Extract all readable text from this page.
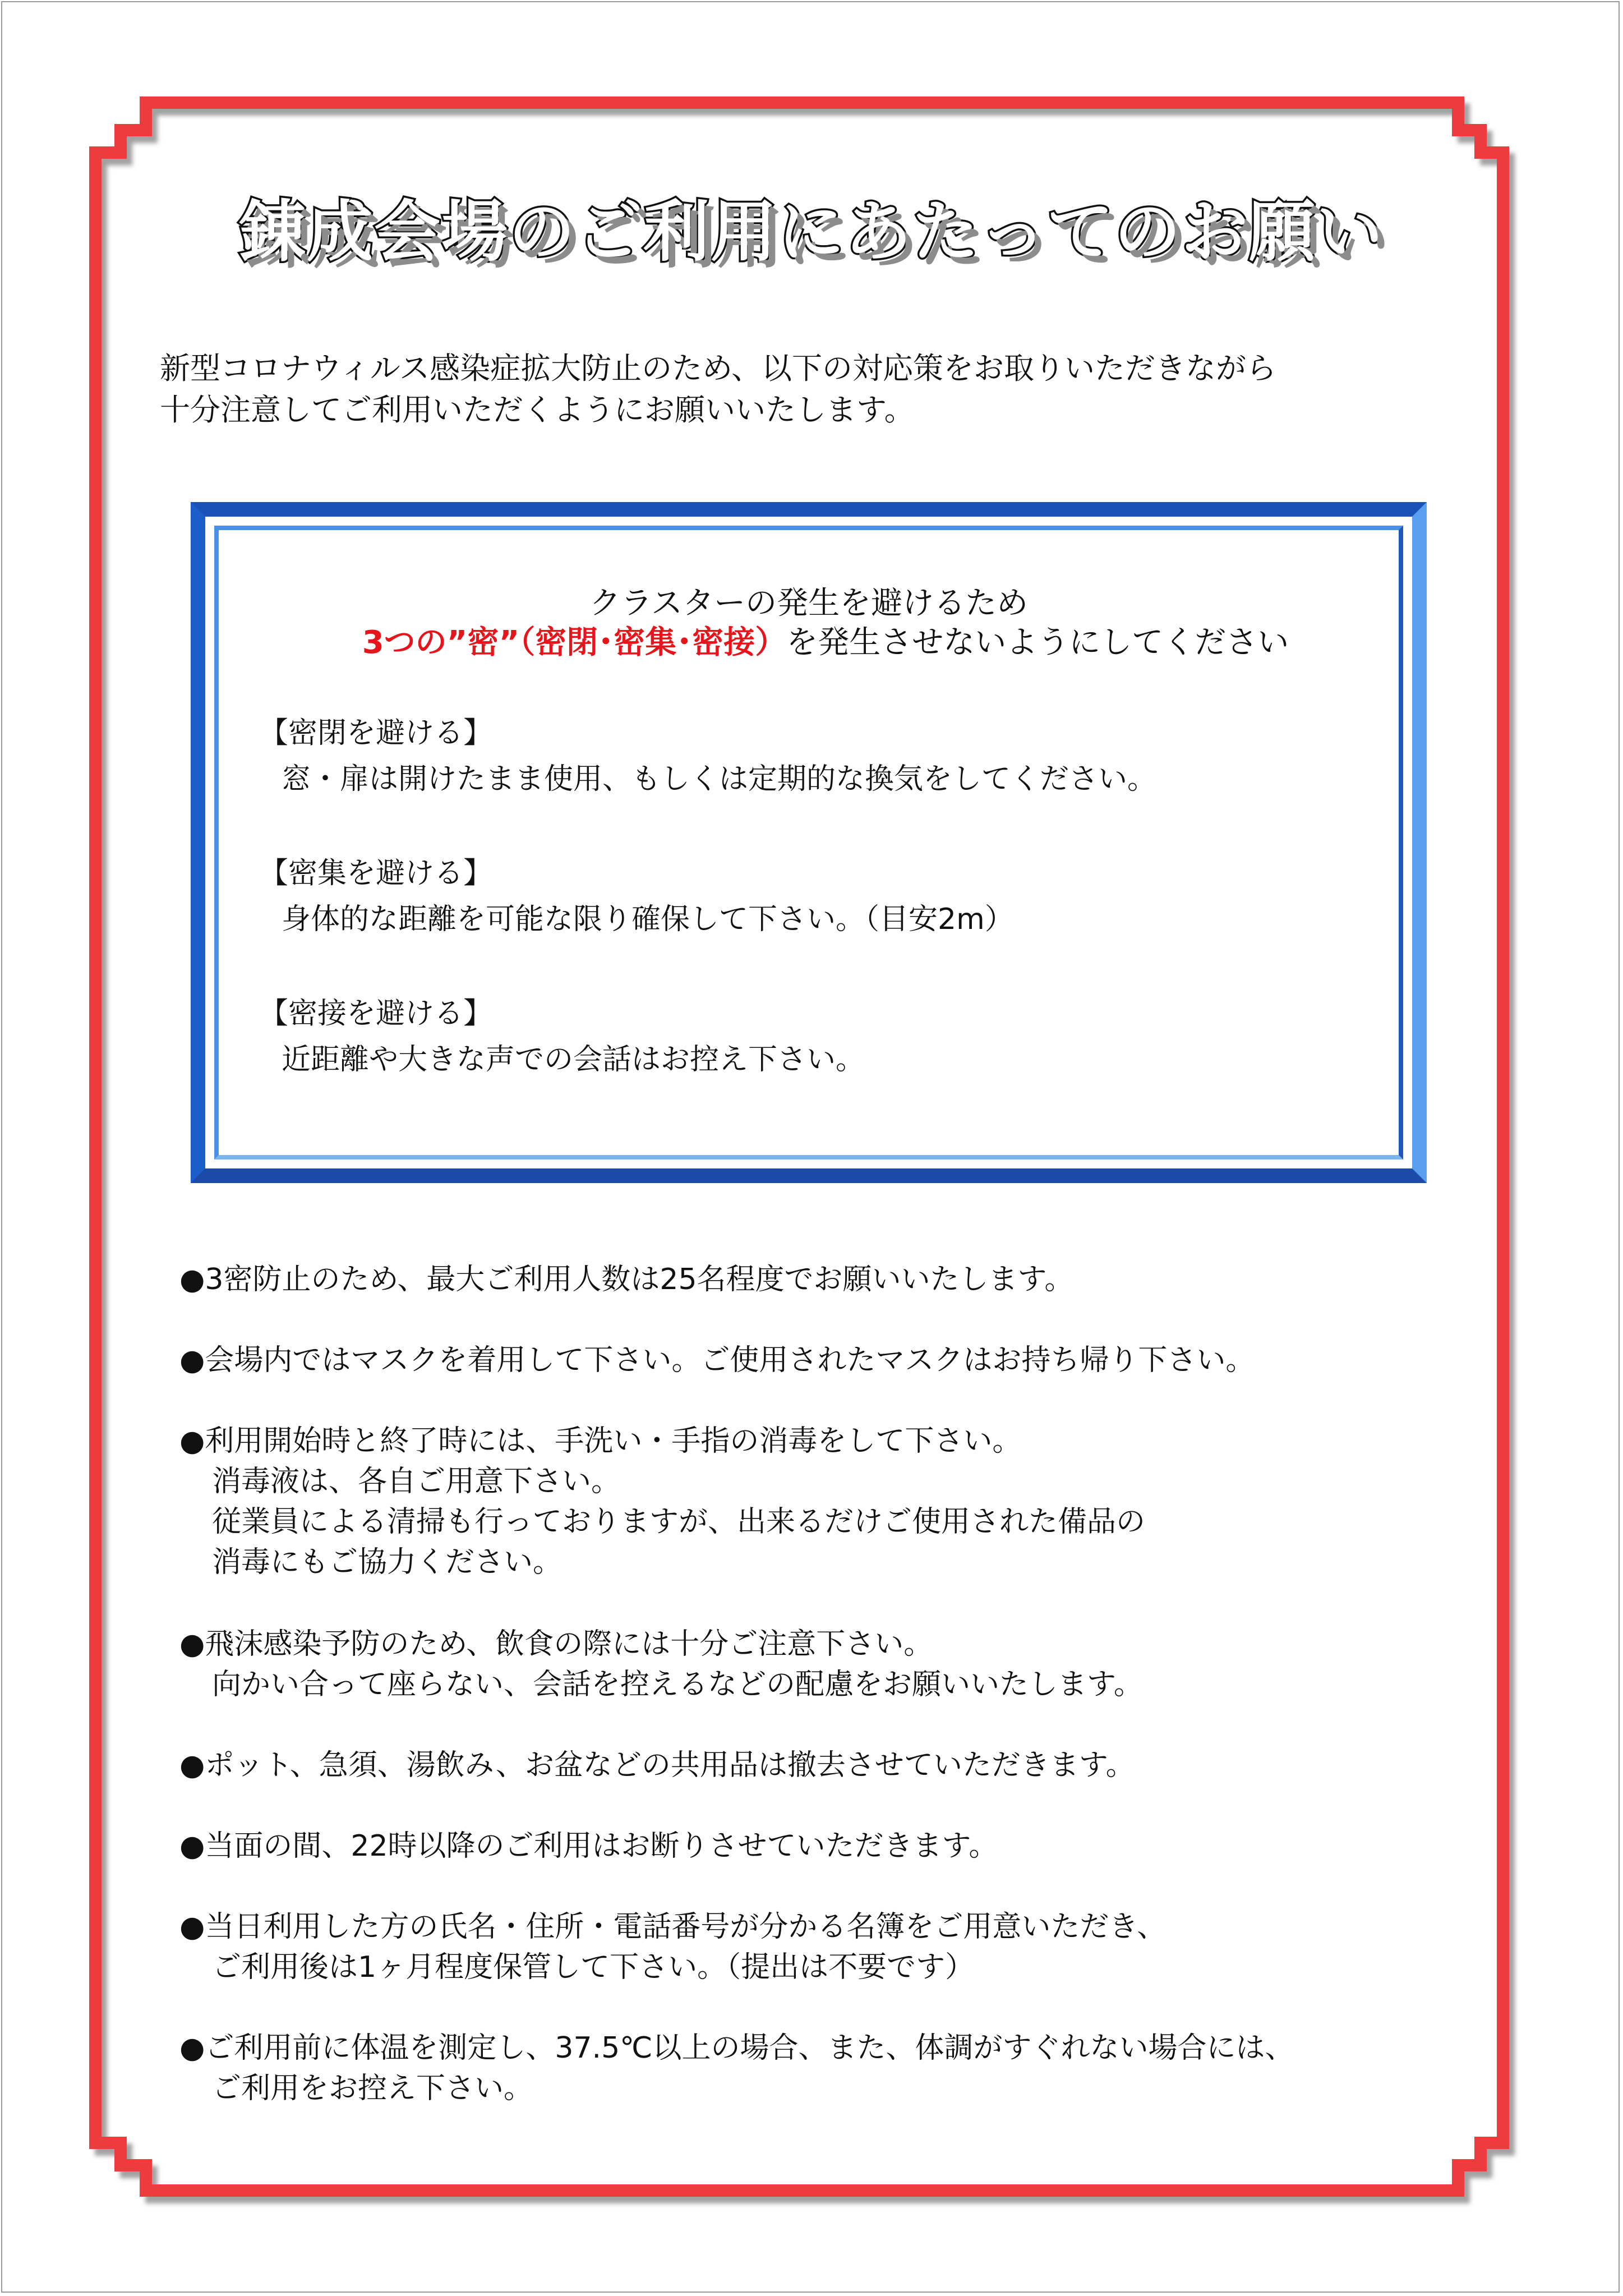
錬成会場のご利用にあたってのお願い
新型コロナウィルス感染症拡大防止のため、以下の対応策をお取りいただきながら
十分注意してご利用いただくようにお願いいたします。
クラスターの発生を避けるため
3つの”密”（密閉･密集･密接）を発生させないようにしてください
【密閉を避ける】
窓・扉は開けたまま使用、もしくは定期的な換気をしてください。
【密集を避ける】
身体的な距離を可能な限り確保して下さい。（目安2m）
【密接を避ける】
近距離や大きな声での会話はお控え下さい。
●3密防止のため、最大ご利用人数は25名程度でお願いいたします。
●会場内ではマスクを着用して下さい。ご使用されたマスクはお持ち帰り下さい。
●利用開始時と終了時には、手洗い・手指の消毒をして下さい。
消毒液は、各自ご用意下さい。
従業員による清掃も行っておりますが、出来るだけご使用された備品の
消毒にもご協力ください。
●飛沫感染予防のため、飲食の際には十分ご注意下さい。
向かい合って座らない、会話を控えるなどの配慮をお願いいたします。
●ポット、急須、湯飲み、お盆などの共用品は撤去させていただきます。
●当面の間、22時以降のご利用はお断りさせていただきます。
●当日利用した方の氏名・住所・電話番号が分かる名簿をご用意いただき、
ご利用後は1ヶ月程度保管して下さい。（提出は不要です）
●ご利用前に体温を測定し、37.5℃以上の場合、また、体調がすぐれない場合には、
ご利用をお控え下さい。
